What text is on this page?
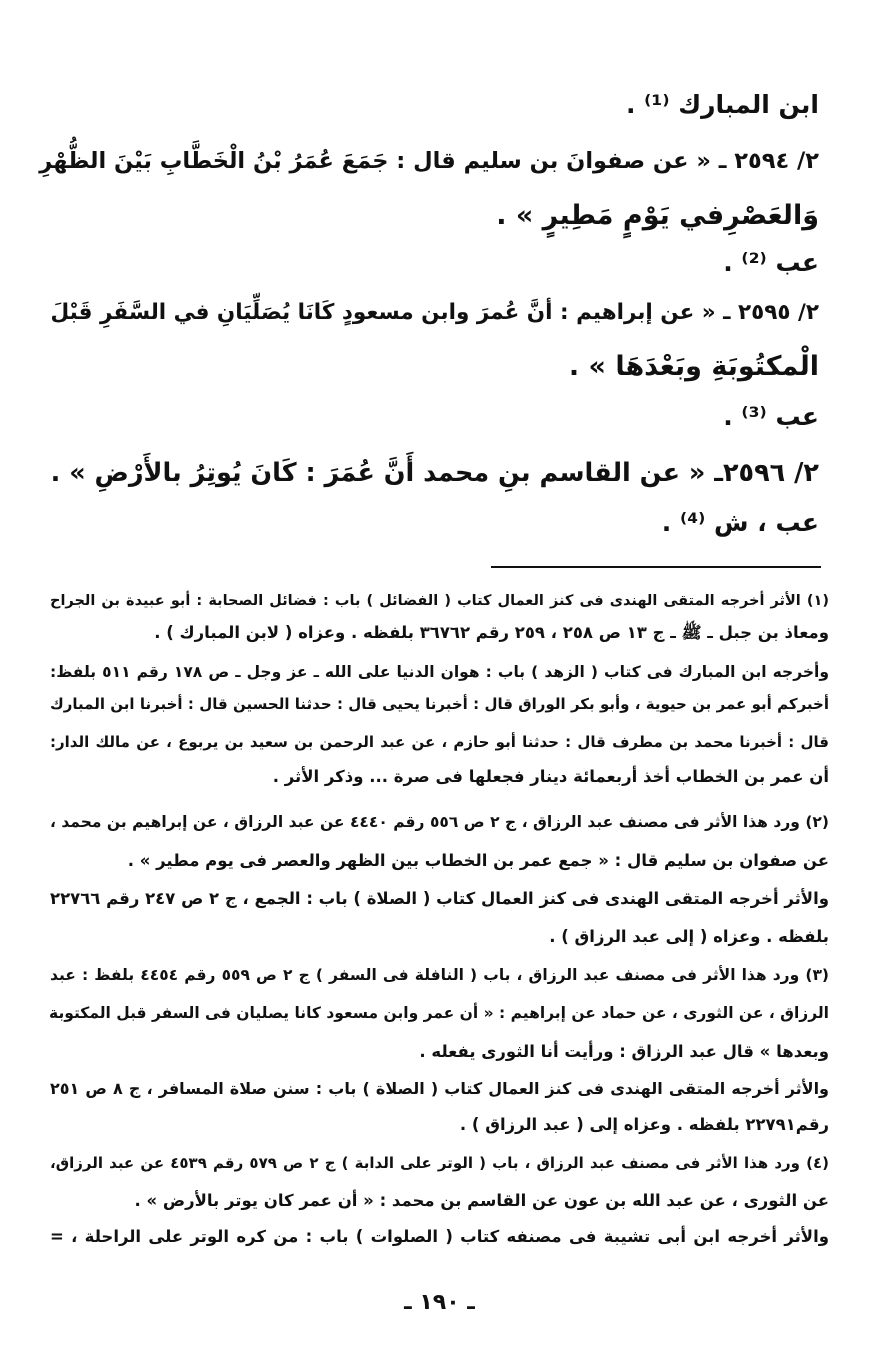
ابن المبارك ⁽¹⁾ .
٢/ ٢٥٩٤ ـ « عن صفوانَ بن سليم قال : جَمَعَ عُمَرُ بْنُ الْخَطَّابِ بَيْنَ الظُّهْرِ
وَالعَصْرِفي يَوْمٍ مَطِيرٍ » .
عب ⁽²⁾ .
٢/ ٢٥٩٥ ـ « عن إبراهيم : أنَّ عُمرَ وابن مسعودٍ كَانَا يُصَلِّيَانِ في السَّفَرِ قَبْلَ
الْمكتُوبَةِ وبَعْدَهَا » .
عب ⁽³⁾ .
٢/ ٢٥٩٦ـ « عن القاسم بنِ محمد أَنَّ عُمَرَ : كَانَ يُوتِرُ بالأَرْضِ » .
عب ، ش ⁽⁴⁾ .
(١) الأثر أخرجه المتقى الهندى فى كنز العمال كتاب ( الفضائل ) باب : فضائل الصحابة : أبو عبيدة بن الجراح
ومعاذ بن جبل ـ ﷺ ـ ج ١٣ ص ٢٥٨ ، ٢٥٩ رقم ٣٦٧٦٢ بلفظه . وعزاه ( لابن المبارك ) .
وأخرجه ابن المبارك فى كتاب ( الزهد ) باب : هوان الدنيا على الله ـ عز وجل ـ ص ١٧٨ رقم ٥١١ بلفظ:
أخبركم أبو عمر بن حيوية ، وأبو بكر الوراق قال : أخبرنا يحيى قال : حدثنا الحسين قال : أخبرنا ابن المبارك
قال : أخبرنا محمد بن مطرف قال : حدثنا أبو حازم ، عن عبد الرحمن بن سعيد بن يربوع ، عن مالك الدار:
أن عمر بن الخطاب أخذ أربعمائة دينار فجعلها فى صرة ... وذكر الأثر .
(٢) ورد هذا الأثر فى مصنف عبد الرزاق ، ج ٢ ص ٥٥٦ رقم ٤٤٤٠ عن عبد الرزاق ، عن إبراهيم بن محمد ،
عن صفوان بن سليم قال : « جمع عمر بن الخطاب بين الظهر والعصر فى يوم مطير » .
والأثر أخرجه المتقى الهندى فى كنز العمال كتاب ( الصلاة ) باب : الجمع ، ج ٢ ص ٢٤٧ رقم ٢٢٧٦٦
بلفظه . وعزاه ( إلى عبد الرزاق ) .
(٣) ورد هذا الأثر فى مصنف عبد الرزاق ، باب ( النافلة فى السفر ) ج ٢ ص ٥٥٩ رقم ٤٤٥٤ بلفظ : عبد
الرزاق ، عن الثورى ، عن حماد عن إبراهيم : « أن عمر وابن مسعود كانا يصليان فى السفر قبل المكتوبة
وبعدها » قال عبد الرزاق : ورأيت أنا الثورى يفعله .
والأثر أخرجه المتقى الهندى فى كنز العمال كتاب ( الصلاة ) باب : سنن صلاة المسافر ، ج ٨ ص ٢٥١
رقم٢٢٧٩١ بلفظه . وعزاه إلى ( عبد الرزاق ) .
(٤) ورد هذا الأثر فى مصنف عبد الرزاق ، باب ( الوتر على الدابة ) ج ٢ ص ٥٧٩ رقم ٤٥٣٩ عن عبد الرزاق،
عن الثورى ، عن عبد الله بن عون عن القاسم بن محمد : « أن عمر كان يوتر بالأرض » .
والأثر أخرجه ابن أبى تشيبة فى مصنفه كتاب ( الصلوات ) باب : من كره الوتر على الراحلة ، =
ـ ١٩٠ ـ
